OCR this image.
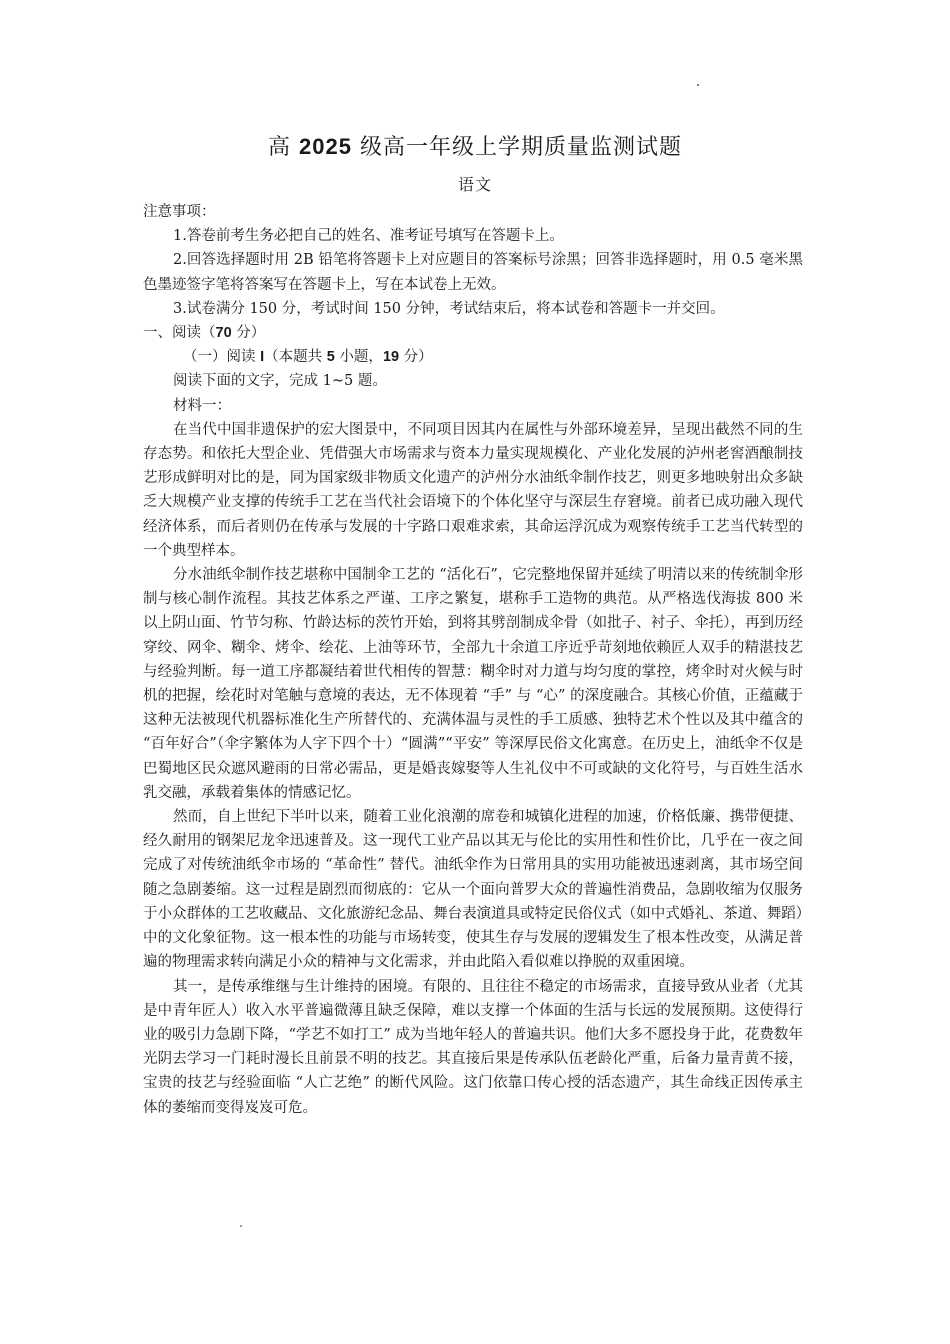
高 2025 级高一年级上学期质量监测试题
语文

注意事项：

1.答卷前考生务必把自己的姓名、准考证号填写在答题卡上。

2.回答选择题时用 2B 铅笔将答题卡上对应题目的答案标号涂黑；回答非选择题时，用 0.5 毫米黑色墨迹签字笔将答案写在答题卡上，写在本试卷上无效。

3.试卷满分 150 分，考试时间 150 分钟，考试结束后，将本试卷和答题卡一并交回。

一、阅读（70 分）

（一）阅读 I（本题共 5 小题，19 分）

阅读下面的文字，完成 1~5 题。

材料一：

在当代中国非遗保护的宏大图景中，不同项目因其内在属性与外部环境差异，呈现出截然不同的生存态势。和依托大型企业、凭借强大市场需求与资本力量实现规模化、产业化发展的泸州老窖酒酿制技艺形成鲜明对比的是，同为国家级非物质文化遗产的泸州分水油纸伞制作技艺，则更多地映射出众多缺乏大规模产业支撑的传统手工艺在当代社会语境下的个体化坚守与深层生存窘境。前者已成功融入现代经济体系，而后者则仍在传承与发展的十字路口艰难求索，其命运浮沉成为观察传统手工艺当代转型的一个典型样本。

分水油纸伞制作技艺堪称中国制伞工艺的 “活化石”，它完整地保留并延续了明清以来的传统制伞形制与核心制作流程。其技艺体系之严谨、工序之繁复，堪称手工造物的典范。从严格选伐海拔 800 米以上阴山面、竹节匀称、竹龄达标的茨竹开始，到将其劈剖制成伞骨（如批子、衬子、伞托），再到历经穿绞、网伞、糊伞、烤伞、绘花、上油等环节，全部九十余道工序近乎苛刻地依赖匠人双手的精湛技艺与经验判断。每一道工序都凝结着世代相传的智慧：糊伞时对力道与均匀度的掌控，烤伞时对火候与时机的把握，绘花时对笔触与意境的表达，无不体现着 “手” 与 “心” 的深度融合。其核心价值，正蕴藏于这种无法被现代机器标准化生产所替代的、充满体温与灵性的手工质感、独特艺术个性以及其中蕴含的 “百年好合”（伞字繁体为人字下四个十）“圆满”“平安” 等深厚民俗文化寓意。在历史上，油纸伞不仅是巴蜀地区民众遮风避雨的日常必需品，更是婚丧嫁娶等人生礼仪中不可或缺的文化符号，与百姓生活水乳交融，承载着集体的情感记忆。

然而，自上世纪下半叶以来，随着工业化浪潮的席卷和城镇化进程的加速，价格低廉、携带便捷、经久耐用的钢架尼龙伞迅速普及。这一现代工业产品以其无与伦比的实用性和性价比，几乎在一夜之间完成了对传统油纸伞市场的 “革命性” 替代。油纸伞作为日常用具的实用功能被迅速剥离，其市场空间随之急剧萎缩。这一过程是剧烈而彻底的：它从一个面向普罗大众的普遍性消费品，急剧收缩为仅服务于小众群体的工艺收藏品、文化旅游纪念品、舞台表演道具或特定民俗仪式（如中式婚礼、茶道、舞蹈）中的文化象征物。这一根本性的功能与市场转变，使其生存与发展的逻辑发生了根本性改变，从满足普遍的物理需求转向满足小众的精神与文化需求，并由此陷入看似难以挣脱的双重困境。

其一，是传承维继与生计维持的困境。有限的、且往往不稳定的市场需求，直接导致从业者（尤其是中青年匠人）收入水平普遍微薄且缺乏保障，难以支撑一个体面的生活与长远的发展预期。这使得行业的吸引力急剧下降，“学艺不如打工” 成为当地年轻人的普遍共识。他们大多不愿投身于此，花费数年光阴去学习一门耗时漫长且前景不明的技艺。其直接后果是传承队伍老龄化严重，后备力量青黄不接，宝贵的技艺与经验面临 “人亡艺绝” 的断代风险。这门依靠口传心授的活态遗产，其生命线正因传承主体的萎缩而变得岌岌可危。
